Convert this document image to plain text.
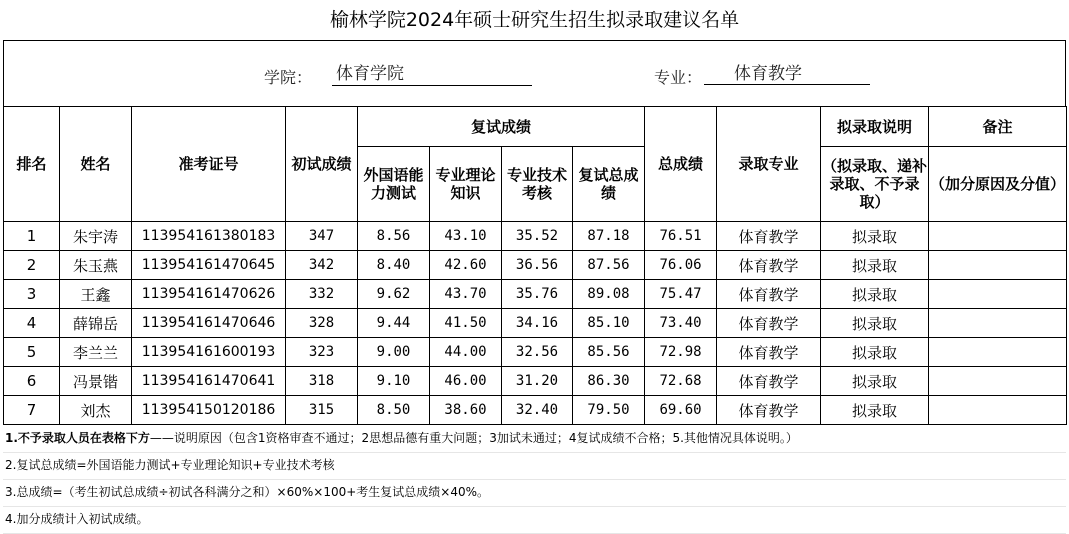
榆林学院2024年硕士研究生招生拟录取建议名单
学院： 体育学院	专业：	体育教学
排名	姓名	准考证号	初试成绩	复试成绩				总成绩	录取专业	拟录取说明	备注
				外国语能力测试	专业理论知识	专业技术考核	复试总成绩			（拟录取、递补录取、不予录取）	（加分原因及分值）
1	朱宇涛	113954161380183	347	8.56	43.10	35.52	87.18	76.51	体育教学	拟录取	
2	朱玉燕	113954161470645	342	8.40	42.60	36.56	87.56	76.06	体育教学	拟录取	
3	王鑫	113954161470626	332	9.62	43.70	35.76	89.08	75.47	体育教学	拟录取	
4	薛锦岳	113954161470646	328	9.44	41.50	34.16	85.10	73.40	体育教学	拟录取	
5	李兰兰	113954161600193	323	9.00	44.00	32.56	85.56	72.98	体育教学	拟录取	
6	冯景锴	113954161470641	318	9.10	46.00	31.20	86.30	72.68	体育教学	拟录取	
7	刘杰	113954150120186	315	8.50	38.60	32.40	79.50	69.60	体育教学	拟录取	
1.不予录取人员在表格下方——说明原因（包含1资格审查不通过；2思想品德有重大问题；3加试未通过；4复试成绩不合格；5.其他情况具体说明。）
2.复试总成绩=外国语能力测试+专业理论知识+专业技术考核
3.总成绩=（考生初试总成绩÷初试各科满分之和）×60%×100+考生复试总成绩×40%。
4.加分成绩计入初试成绩。
